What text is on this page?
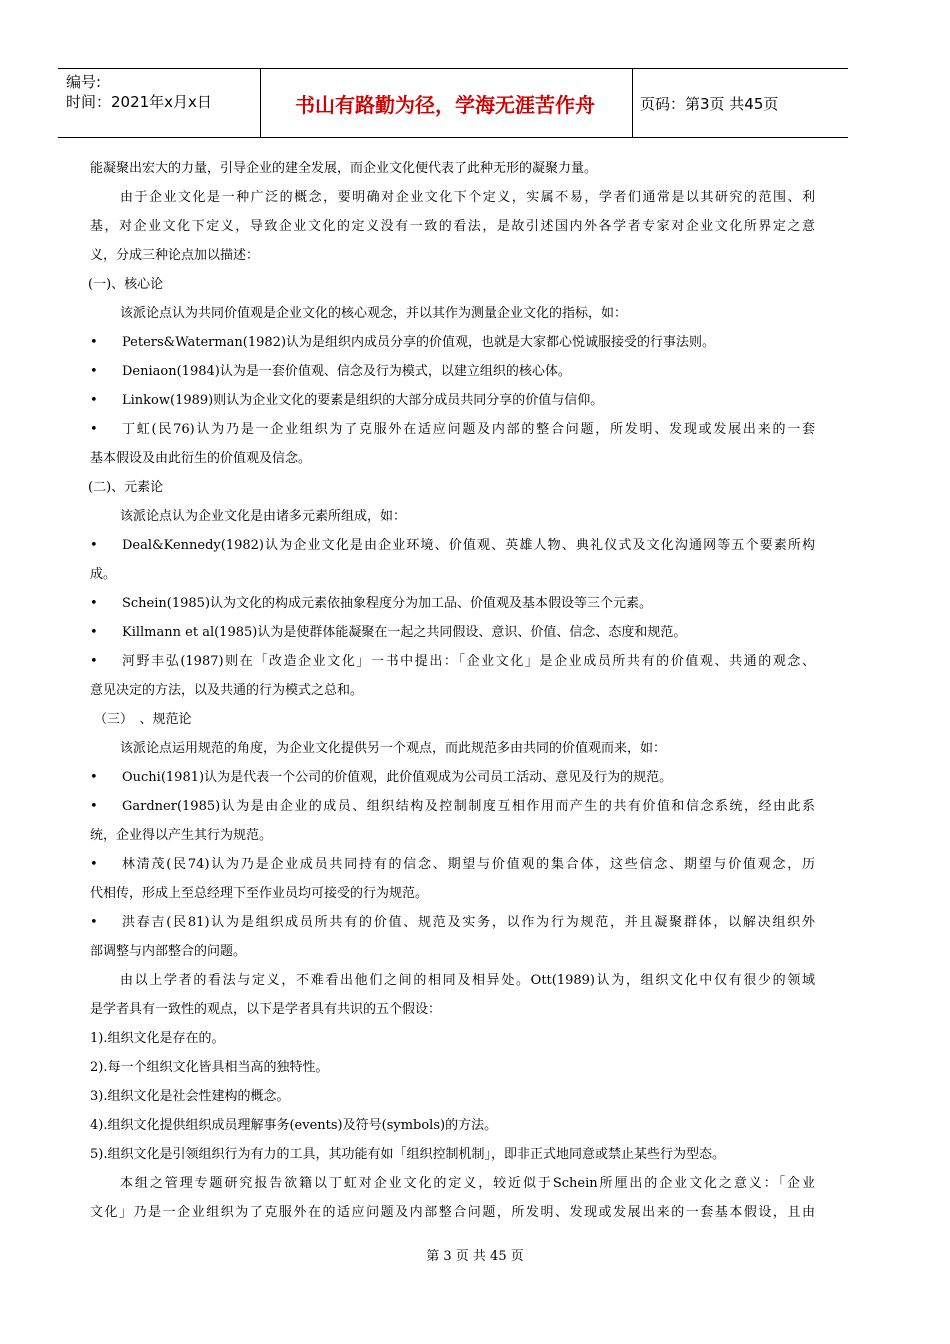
编号:
时间：2021年x月x日	书山有路勤为径，学海无涯苦作舟	页码：第3页 共45页
能凝聚出宏大的力量，引导企业的建全发展，而企业文化便代表了此种无形的凝聚力量。
由于企业文化是一种广泛的概念，要明确对企业文化下个定义，实属不易，学者们通常是以其研究的范围、利
基，对企业文化下定义，导致企业文化的定义没有一致的看法，是故引述国内外各学者专家对企业文化所界定之意
义，分成三种论点加以描述：
(一)、核心论
该派论点认为共同价值观是企业文化的核心观念，并以其作为测量企业文化的指标，如：
• Peters&Waterman(1982)认为是组织内成员分享的价值观，也就是大家都心悦诚服接受的行事法则。
• Deniaon(1984)认为是一套价值观、信念及行为模式，以建立组织的核心体。
• Linkow(1989)则认为企业文化的要素是组织的大部分成员共同分享的价值与信仰。
• 丁虹(民76)认为乃是一企业组织为了克服外在适应问题及内部的整合问题，所发明、发现或发展出来的一套
基本假设及由此衍生的价值观及信念。
(二)、元素论
该派论点认为企业文化是由诸多元素所组成，如：
• Deal&Kennedy(1982)认为企业文化是由企业环境、价值观、英雄人物、典礼仪式及文化沟通网等五个要素所构
成。
• Schein(1985)认为文化的构成元素依抽象程度分为加工品、价值观及基本假设等三个元素。
• Killmann et al(1985)认为是使群体能凝聚在一起之共同假设、意识、价值、信念、态度和规范。
• 河野丰弘(1987)则在「改造企业文化」一书中提出：「企业文化」是企业成员所共有的价值观、共通的观念、
意见决定的方法，以及共通的行为模式之总和。
（三）　、规范论
该派论点运用规范的角度，为企业文化提供另一个观点，而此规范多由共同的价值观而来，如：
• Ouchi(1981)认为是代表一个公司的价值观，此价值观成为公司员工活动、意见及行为的规范。
• Gardner(1985)认为是由企业的成员、组织结构及控制制度互相作用而产生的共有价值和信念系统，经由此系
统，企业得以产生其行为规范。
• 林清茂(民74)认为乃是企业成员共同持有的信念、期望与价值观的集合体，这些信念、期望与价值观念，历
代相传，形成上至总经理下至作业员均可接受的行为规范。
• 洪春吉(民81)认为是组织成员所共有的价值、规范及实务，以作为行为规范，并且凝聚群体，以解决组织外
部调整与内部整合的问题。
由以上学者的看法与定义，不难看出他们之间的相同及相异处。Ott(1989)认为，组织文化中仅有很少的领域
是学者具有一致性的观点，以下是学者具有共识的五个假设：
1).组织文化是存在的。
2).每一个组织文化皆具相当高的独特性。
3).组织文化是社会性建构的概念。
4).组织文化提供组织成员理解事务(events)及符号(symbols)的方法。
5).组织文化是引领组织行为有力的工具，其功能有如「组织控制机制」，即非正式地同意或禁止某些行为型态。
本组之管理专题研究报告欲籍以丁虹对企业文化的定义，较近似于Schein所厘出的企业文化之意义：「企业
文化」乃是一企业组织为了克服外在的适应问题及内部整合问题，所发明、发现或发展出来的一套基本假设，且由
第 3 页 共 45 页
